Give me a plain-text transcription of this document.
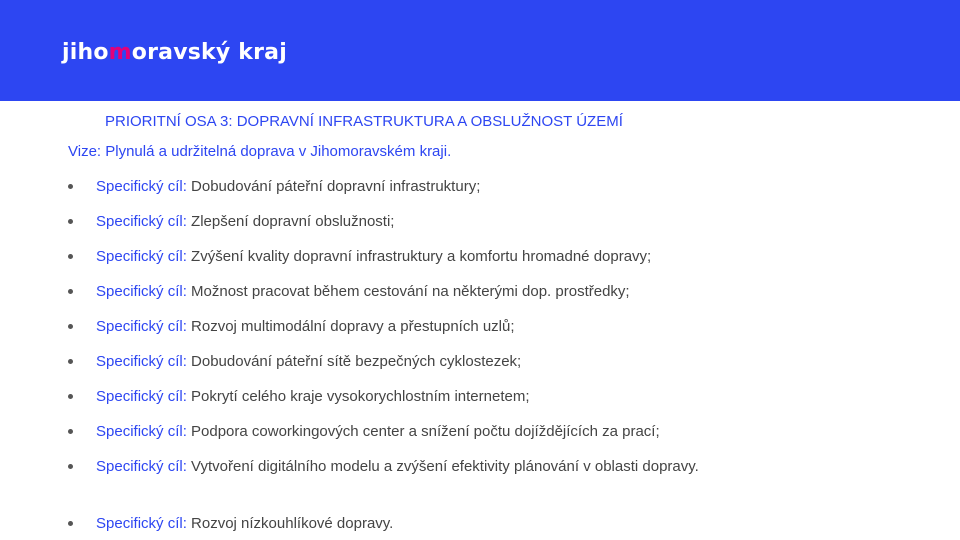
jihomoravský kraj
PRIORITNÍ OSA 3: DOPRAVNÍ INFRASTRUKTURA A OBSLUŽNOST ÚZEMÍ
Vize: Plynulá a udržitelná doprava v Jihomoravském kraji.
Specifický cíl: Dobudování páteřní dopravní infrastruktury;
Specifický cíl: Zlepšení dopravní obslužnosti;
Specifický cíl: Zvýšení kvality dopravní infrastruktury a komfortu hromadné dopravy;
Specifický cíl: Možnost pracovat během cestování na některými dop. prostředky;
Specifický cíl: Rozvoj multimodální dopravy a přestupních uzlů;
Specifický cíl: Dobudování páteřní sítě bezpečných cyklostezek;
Specifický cíl: Pokrytí celého kraje vysokorychlostním internetem;
Specifický cíl: Podpora coworkingových center a snížení počtu dojíždějících za prací;
Specifický cíl: Vytvoření digitálního modelu a zvýšení efektivity plánování v oblasti dopravy.
Specifický cíl: Rozvoj nízkouhlíkové dopravy.
